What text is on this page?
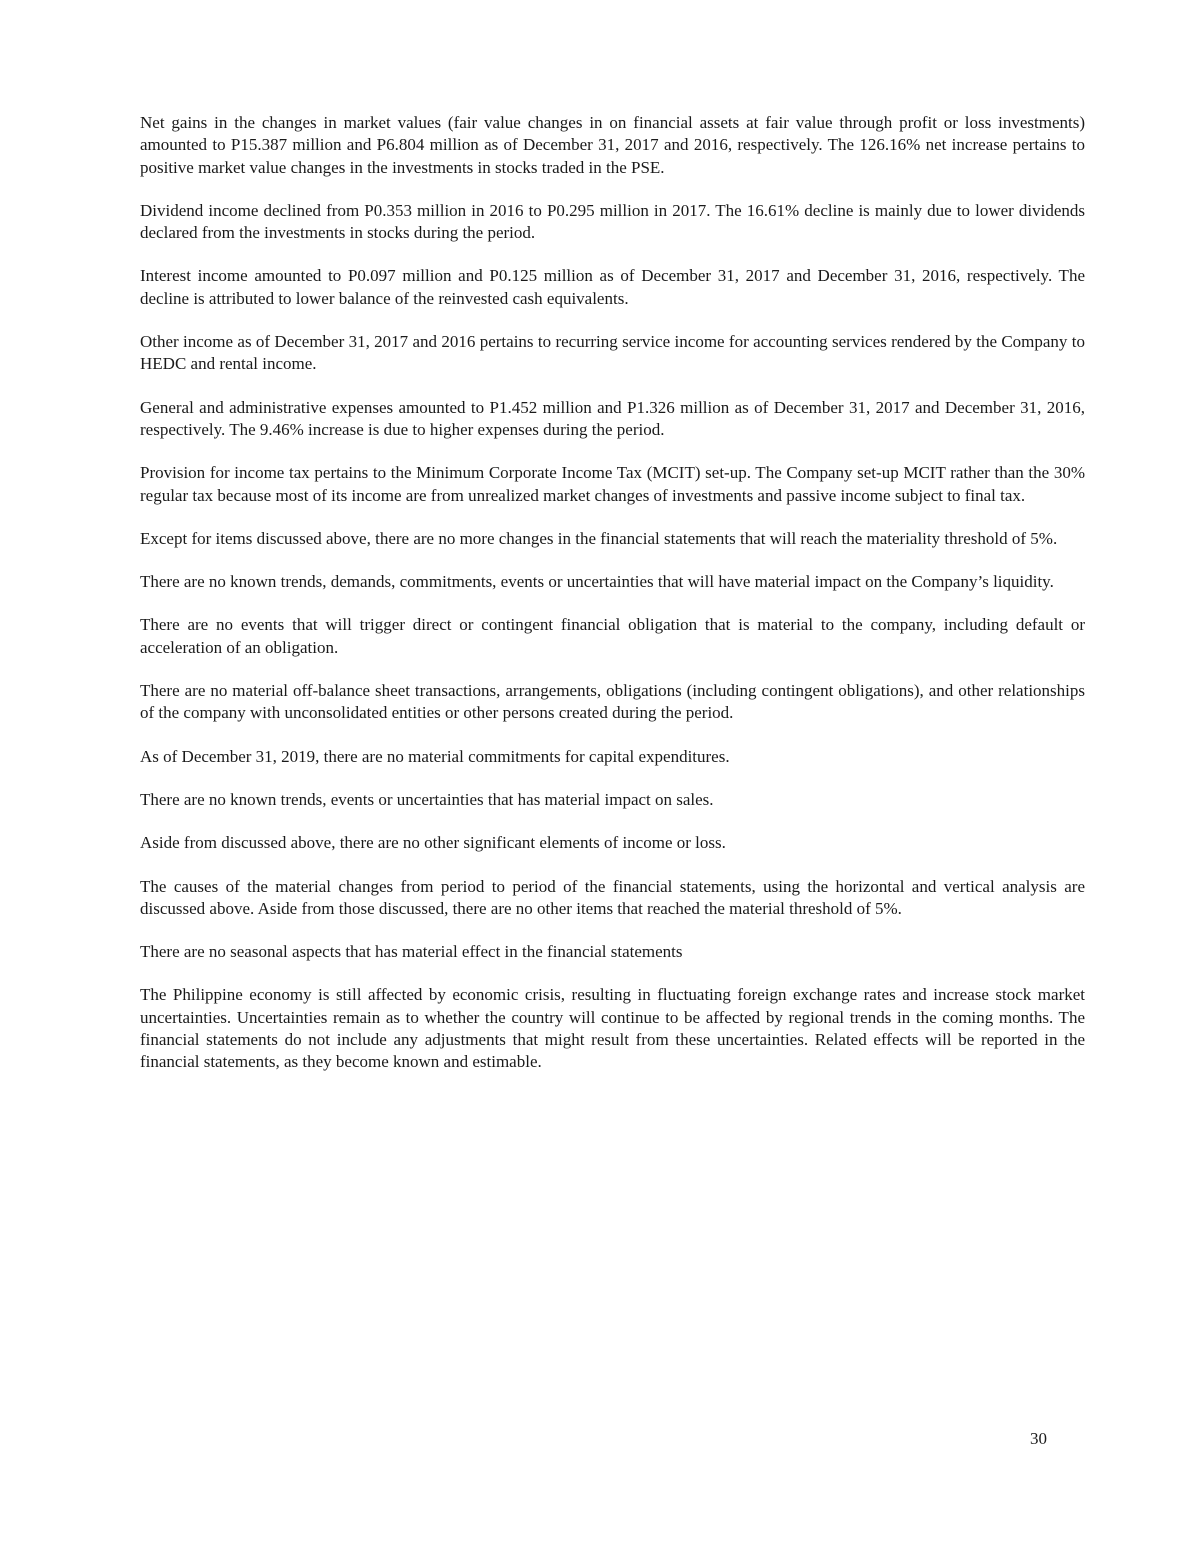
Net gains in the changes in market values (fair value changes in on financial assets at fair value through profit or loss investments) amounted to P15.387 million and P6.804 million as of December 31, 2017 and 2016, respectively. The 126.16% net increase pertains to positive market value changes in the investments in stocks traded in the PSE.

Dividend income declined from P0.353 million in 2016 to P0.295 million in 2017. The 16.61% decline is mainly due to lower dividends declared from the investments in stocks during the period.

Interest income amounted to P0.097 million and P0.125 million as of December 31, 2017 and December 31, 2016, respectively. The decline is attributed to lower balance of the reinvested cash equivalents.

Other income as of December 31, 2017 and 2016 pertains to recurring service income for accounting services rendered by the Company to HEDC and rental income.

General and administrative expenses amounted to P1.452 million and P1.326 million as of December 31, 2017 and December 31, 2016, respectively. The 9.46% increase is due to higher expenses during the period.

Provision for income tax pertains to the Minimum Corporate Income Tax (MCIT) set-up. The Company set-up MCIT rather than the 30% regular tax because most of its income are from unrealized market changes of investments and passive income subject to final tax.

Except for items discussed above, there are no more changes in the financial statements that will reach the materiality threshold of 5%.

There are no known trends, demands, commitments, events or uncertainties that will have material impact on the Company’s liquidity.

There are no events that will trigger direct or contingent financial obligation that is material to the company, including default or acceleration of an obligation.

There are no material off-balance sheet transactions, arrangements, obligations (including contingent obligations), and other relationships of the company with unconsolidated entities or other persons created during the period.

As of December 31, 2019, there are no material commitments for capital expenditures.

There are no known trends, events or uncertainties that has material impact on sales.

Aside from discussed above, there are no other significant elements of income or loss.

The causes of the material changes from period to period of the financial statements, using the horizontal and vertical analysis are discussed above. Aside from those discussed, there are no other items that reached the material threshold of 5%.

There are no seasonal aspects that has material effect in the financial statements

The Philippine economy is still affected by economic crisis, resulting in fluctuating foreign exchange rates and increase stock market uncertainties. Uncertainties remain as to whether the country will continue to be affected by regional trends in the coming months. The financial statements do not include any adjustments that might result from these uncertainties. Related effects will be reported in the financial statements, as they become known and estimable.

30
